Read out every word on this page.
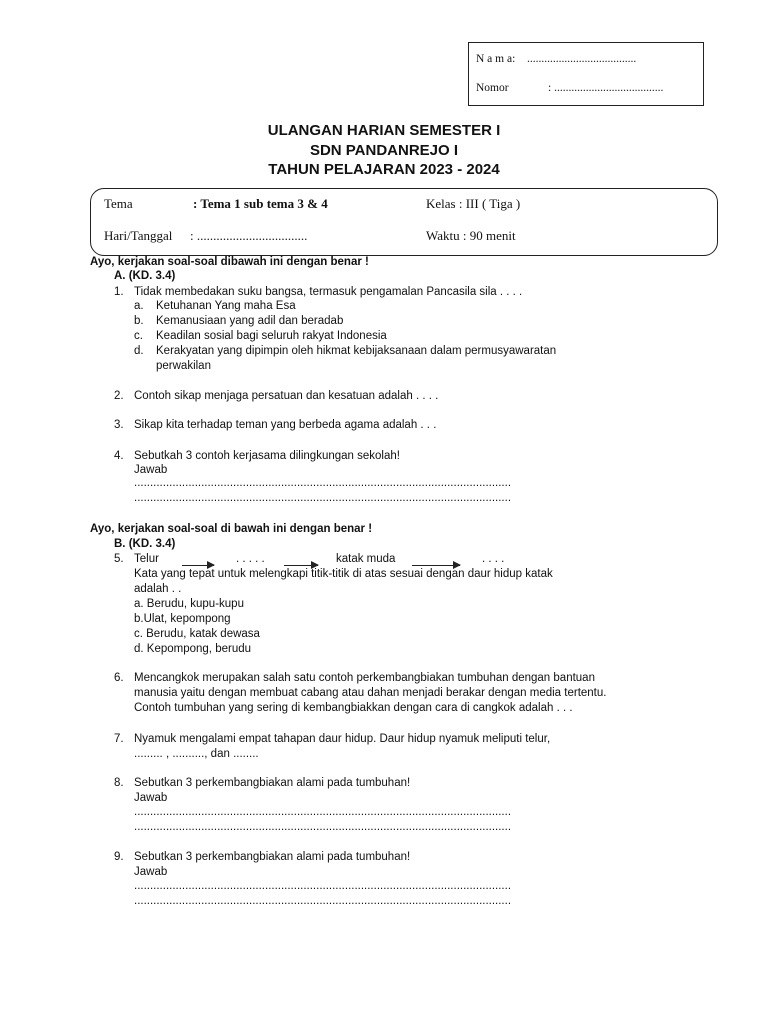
N a m a: ......................................
Nomor	: ......................................
ULANGAN HARIAN SEMESTER I
SDN PANDANREJO I
TAHUN PELAJARAN 2023 - 2024
Tema	: Tema 1 sub tema 3 & 4	Kelas : III ( Tiga )
Hari/Tanggal : ..................................	Waktu : 90 menit
Ayo, kerjakan soal-soal dibawah ini dengan benar !
A. (KD. 3.4)
1. Tidak membedakan suku bangsa, termasuk pengamalan Pancasila sila . . . .
a. Ketuhanan Yang maha Esa
b. Kemanusiaan yang adil dan beradab
c. Keadilan sosial bagi seluruh rakyat Indonesia
d. Kerakyatan yang dipimpin oleh hikmat kebijaksanaan dalam permusyawaratan
perwakilan
2. Contoh sikap menjaga persatuan dan kesatuan adalah . . . .
3. Sikap kita terhadap teman yang berbeda agama adalah . . .
4. Sebutkah 3 contoh kerjasama dilingkungan sekolah!
Jawab
......................................................................................................................
......................................................................................................................
Ayo, kerjakan soal-soal di bawah ini dengan benar !
B. (KD. 3.4)
5. Telur	. . . . .	katak muda	. . . .
Kata yang tepat untuk melengkapi titik-titik di atas sesuai dengan daur hidup katak
adalah . .
a. Berudu, kupu-kupu
b.Ulat, kepompong
c. Berudu, katak dewasa
d. Kepompong, berudu
6. Mencangkok merupakan salah satu contoh perkembangbiakan tumbuhan dengan bantuan
manusia yaitu dengan membuat cabang atau dahan menjadi berakar dengan media tertentu.
Contoh tumbuhan yang sering di kembangbiakkan dengan cara di cangkok adalah . . .
7. Nyamuk mengalami empat tahapan daur hidup. Daur hidup nyamuk meliputi telur,
......... , .........., dan ........
8. Sebutkan 3 perkembangbiakan alami pada tumbuhan!
Jawab
......................................................................................................................
......................................................................................................................
9. Sebutkan 3 perkembangbiakan alami pada tumbuhan!
Jawab
......................................................................................................................
......................................................................................................................
